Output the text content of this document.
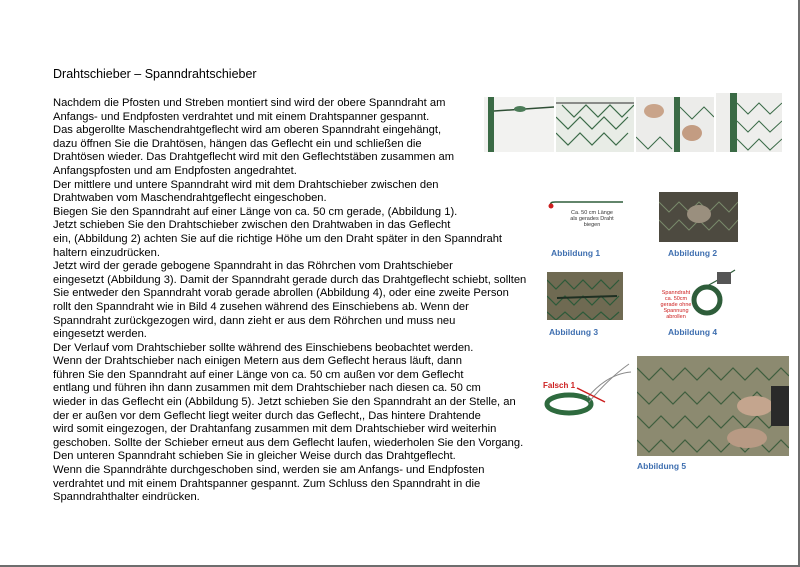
Drahtschieber – Spanndrahtschieber
Nachdem die Pfosten und Streben montiert sind wird der obere Spanndraht am
Anfangs- und Endpfosten verdrahtet und mit einem Drahtspanner gespannt.
Das abgerollte Maschendrahtgeflecht wird am oberen Spanndraht eingehängt,
dazu öffnen Sie die Drahtösen, hängen das Geflecht ein und schließen die
Drahtösen wieder. Das Drahtgeflecht wird mit den Geflechtstäben zusammen am
Anfangspfosten und am Endpfosten angedrahtet.
Der mittlere und untere Spanndraht wird mit dem Drahtschieber zwischen den
Drahtwaben vom Maschendrahtgeflecht eingeschoben.
Biegen Sie den Spanndraht auf einer Länge von ca. 50 cm gerade, (Abbildung 1).
Jetzt schieben Sie den Drahtschieber zwischen den Drahtwaben in das Geflecht
ein, (Abbildung 2) achten Sie auf die richtige Höhe um den Draht später in den Spanndraht
haltern einzudrücken.
Jetzt wird der gerade gebogene Spanndraht in das Röhrchen vom Drahtschieber
eingesetzt (Abbildung 3). Damit der Spanndraht gerade durch das Drahtgeflecht schiebt, sollten
Sie entweder den Spanndraht vorab gerade abrollen (Abbildung 4), oder eine zweite Person
rollt den Spanndraht wie in Bild 4 zusehen während des Einschiebens ab. Wenn der
Spanndraht zurückgezogen wird, dann zieht er aus dem Röhrchen und muss neu
eingesetzt werden.
Der Verlauf vom Drahtschieber sollte während des Einschiebens beobachtet werden.
Wenn der Drahtschieber nach einigen Metern aus dem Geflecht heraus läuft, dann
führen Sie den Spanndraht auf einer Länge von ca. 50 cm außen vor dem Geflecht
entlang und führen ihn dann zusammen mit dem Drahtschieber nach diesen ca. 50 cm
wieder in das Geflecht ein (Abbildung 5). Jetzt schieben Sie den Spanndraht an der Stelle, an
der er außen vor dem Geflecht liegt weiter durch das Geflecht,, Das hintere Drahtende
wird somit eingezogen, der Drahtanfang zusammen mit dem Drahtschieber wird weiterhin
geschoben. Sollte der Schieber erneut aus dem Geflecht laufen, wiederholen Sie den Vorgang.
Den unteren Spanndraht schieben Sie in gleicher Weise durch das Drahtgeflecht.
Wenn die Spanndrähte durchgeschoben sind, werden sie am Anfangs- und Endpfosten
verdrahtet und mit einem Drahtspanner gespannt. Zum Schluss den Spanndraht in die
Spanndrahthalter eindrücken.
Ca. 50 cm Länge als gerades Draht biegen
Abbildung 1	Abbildung 2
Abbildung 3
Spanndraht ca. 50cm gerade ohne Spannung abrollen
Abbildung 4
Falsch 1
Abbildung 5
